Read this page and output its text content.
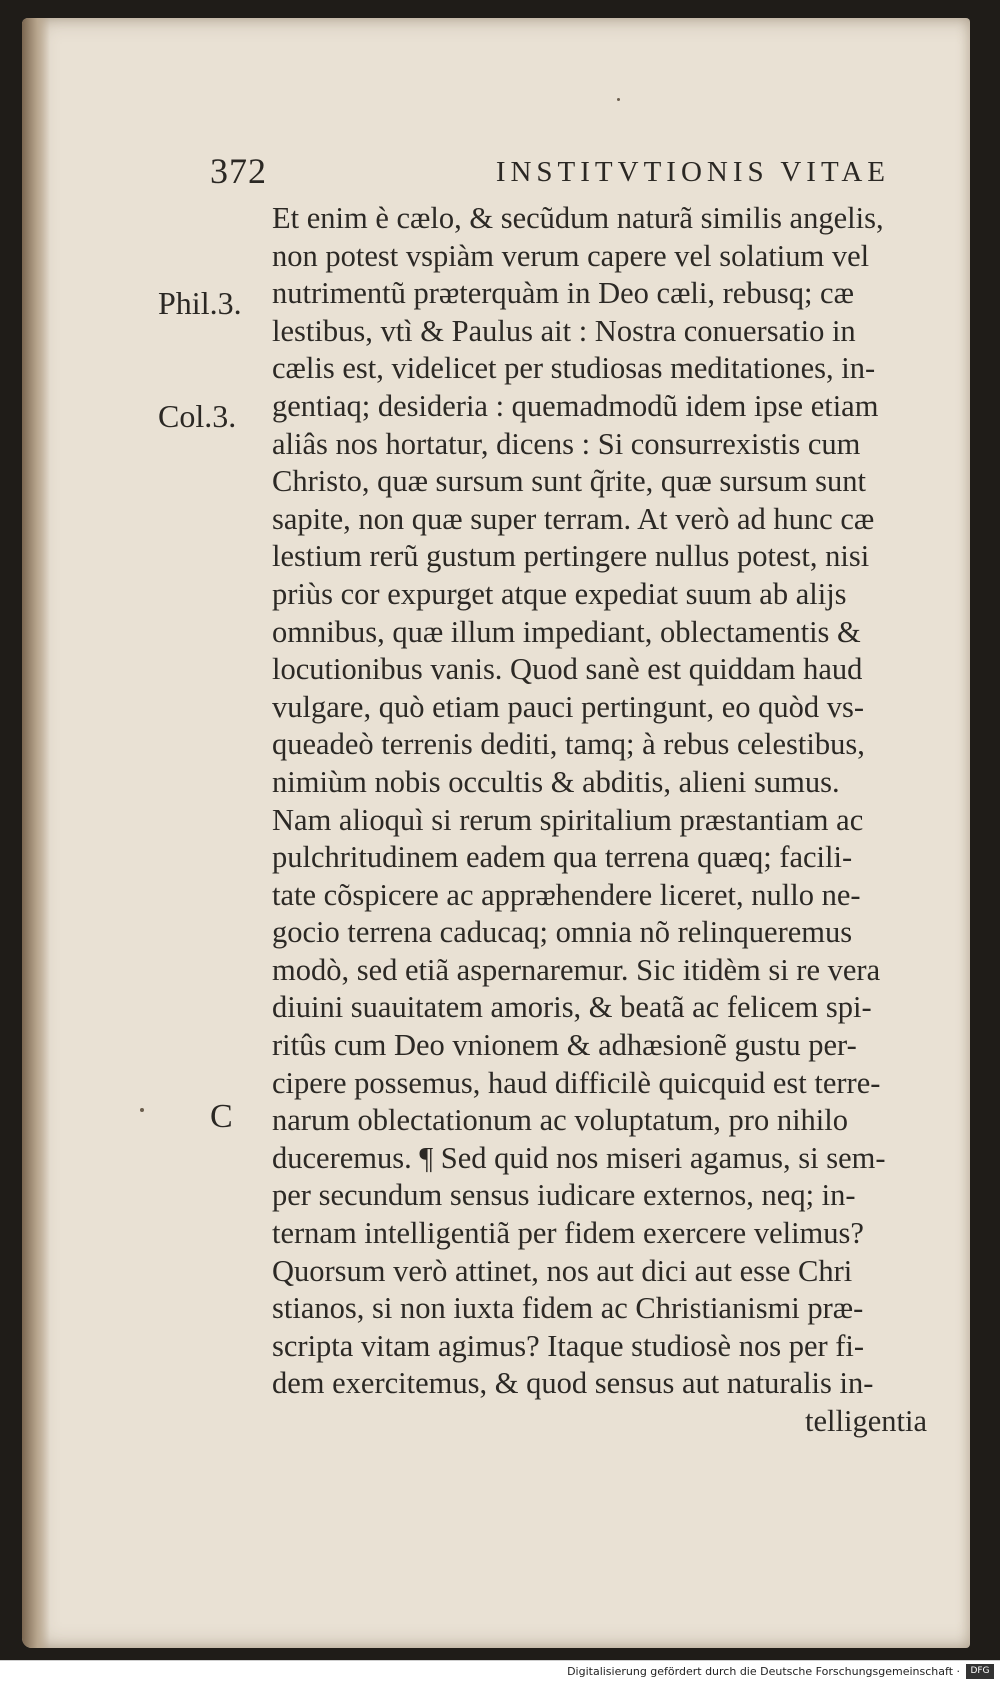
372	INSTITVTIONIS VITAE
Phil.3.
Col.3.
C
Et enim è cælo, & secũdum naturã similis angelis,
non potest vspiàm verum capere vel solatium vel
nutrimentũ prᴂterquàm in Deo cæli, rebusq; cæ
lestibus, vtì & Paulus ait : Nostra conuersatio in
cælis est, videlicet per studiosas meditationes, in-
gentiaq; desideria : quemadmodũ idem ipse etiam
aliâs nos hortatur, dicens : Si consurrexistis cum
Christo, quæ sursum sunt q̃rite, quæ sursum sunt
sapite, non quæ super terram. At verò ad hunc cæ
lestium rerũ gustum pertingere nullus potest, nisi
priùs cor expurget atque expediat suum ab alijs
omnibus, quæ illum impediant, oblectamentis &
locutionibus vanis. Quod sanè est quiddam haud
vulgare, quò etiam pauci pertingunt, eo quòd vs-
queadeò terrenis dediti, tamq; à rebus celestibus,
nimiùm nobis occultis & abditis, alieni sumus.
Nam alioquì si rerum spiritalium præstantiam ac
pulchritudinem eadem qua terrena quæq; facili-
tate cõspicere ac apprᴂhendere liceret, nullo ne-
gocio terrena caducaq; omnia nõ relinqueremus
modò, sed etiã aspernaremur. Sic itidèm si re vera
diuini suauitatem amoris, & beatã ac felicem spi-
ritûs cum Deo vnionem & adhæsionẽ gustu per-
cipere possemus, haud difficilè quicquid est terre-
narum oblectationum ac voluptatum, pro nihilo
duceremus. ¶ Sed quid nos miseri agamus, si sem-
per secundum sensus iudicare externos, neq; in-
ternam intelligentiã per fidem exercere velimus?
Quorsum verò attinet, nos aut dici aut esse Chri
stianos, si non iuxta fidem ac Christianismi præ-
scripta vitam agimus? Itaque studiosè nos per fi-
dem exercitemus, & quod sensus aut naturalis in-
telligentia
Digitalisierung gefördert durch die Deutsche Forschungsgemeinschaft ·	DFG
